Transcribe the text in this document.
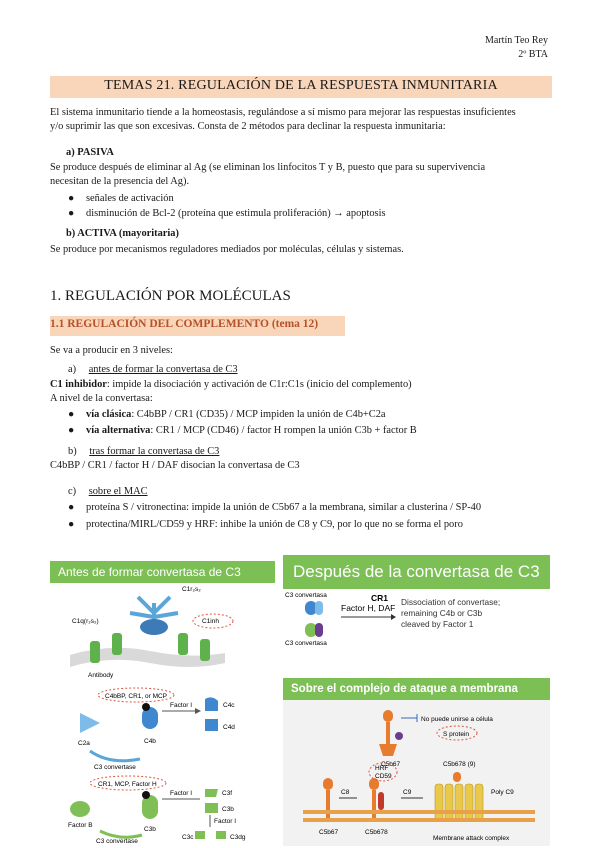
Martín Teo Rey
2º BTA
TEMAS 21. REGULACIÓN DE LA RESPUESTA INMUNITARIA
El sistema inmunitario tiende a la homeostasis, regulándose a sí mismo para mejorar las respuestas insuficientes
y/o suprimir las que son excesivas. Consta de 2 métodos para declinar la respuesta inmunitaria:
a) PASIVA
Se produce después de eliminar al Ag (se eliminan los linfocitos T y B, puesto que para su supervivencia
necesitan de la presencia del Ag).
● señales de activación
● disminución de Bcl-2 (proteína que estimula proliferación) → apoptosis
b) ACTIVA (mayoritaria)
Se produce por mecanismos reguladores mediados por moléculas, células y sistemas.
1. REGULACIÓN POR MOLÉCULAS
1.1 REGULACIÓN DEL COMPLEMENTO (tema 12)
Se va a producir en 3 niveles:
a) antes de formar la convertasa de C3
C1 inhibidor: impide la disociación y activación de C1r:C1s (inicio del complemento)
A nivel de la convertasa:
● vía clásica: C4bBP / CR1 (CD35) / MCP impiden la unión de C4b+C2a
● vía alternativa: CR1 / MCP (CD46) / factor H rompen la unión C3b + factor B
b) tras formar la convertasa de C3
C4bBP / CR1 / factor H / DAF disocian la convertasa de C3
c) sobre el MAC
● proteína S / vitronectina: impide la unión de C5b67 a la membrana, similar a clusterina / SP-40
● protectina/MIRL/CD59 y HRF: inhibe la unión de C8 y C9, por lo que no se forma el poro
Antes de formar convertasa de C3
C1r₂s₂
C1q(r₂s₂)	C1inh
Antibody
C4bBP, CR1, or MCP
C2a	C4b
Factor I	C4c
C4d
C3 convertase
CR1, MCP, Factor H
Factor B
C3b
Factor I	C3f
C3b
Factor I
C3c	C3dg
C3 convertase
Después de la convertasa de C3
C3 convertasa
C3 convertasa
CR1
Factor H, DAF
Dissociation of convertase;
remaining C4b or C3b
cleaved by Factor 1
Sobre el complejo de ataque a membrana
C5b67
No puede unirse a célula
S protein
C5b67
C8
C5b678
HRF
CD59
C9
C5b678 (9)
Poly C9
Membrane attack complex
